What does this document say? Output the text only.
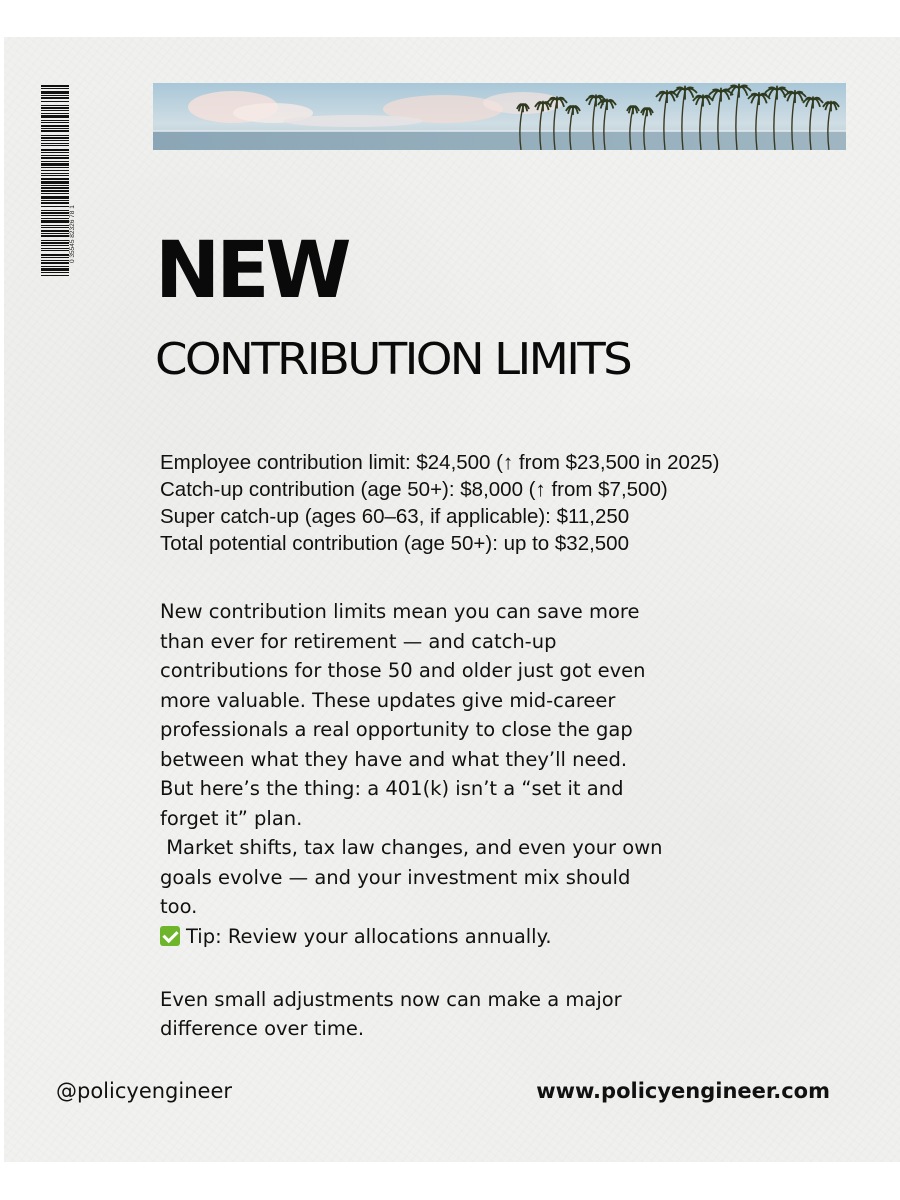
0 35545 82326 78 1 NEW
CONTRIBUTION LIMITS
Employee contribution limit: $24,500 (↑ from $23,500 in 2025)
Catch-up contribution (age 50+): $8,000 (↑ from $7,500)
Super catch-up (ages 60–63, if applicable): $11,250
Total potential contribution (age 50+): up to $32,500

New contribution limits mean you can save more

than ever for retirement — and catch-up

contributions for those 50 and older just got even

more valuable. These updates give mid-career

professionals a real opportunity to close the gap

between what they have and what they’ll need.

But here’s the thing: a 401(k) isn’t a “set it and

forget it” plan.

Market shifts, tax law changes, and even your own

goals evolve — and your investment mix should

too.

Tip: Review your allocations annually.

Even small adjustments now can make a major

difference over time.

@policyengineer	www.policyengineer.com
